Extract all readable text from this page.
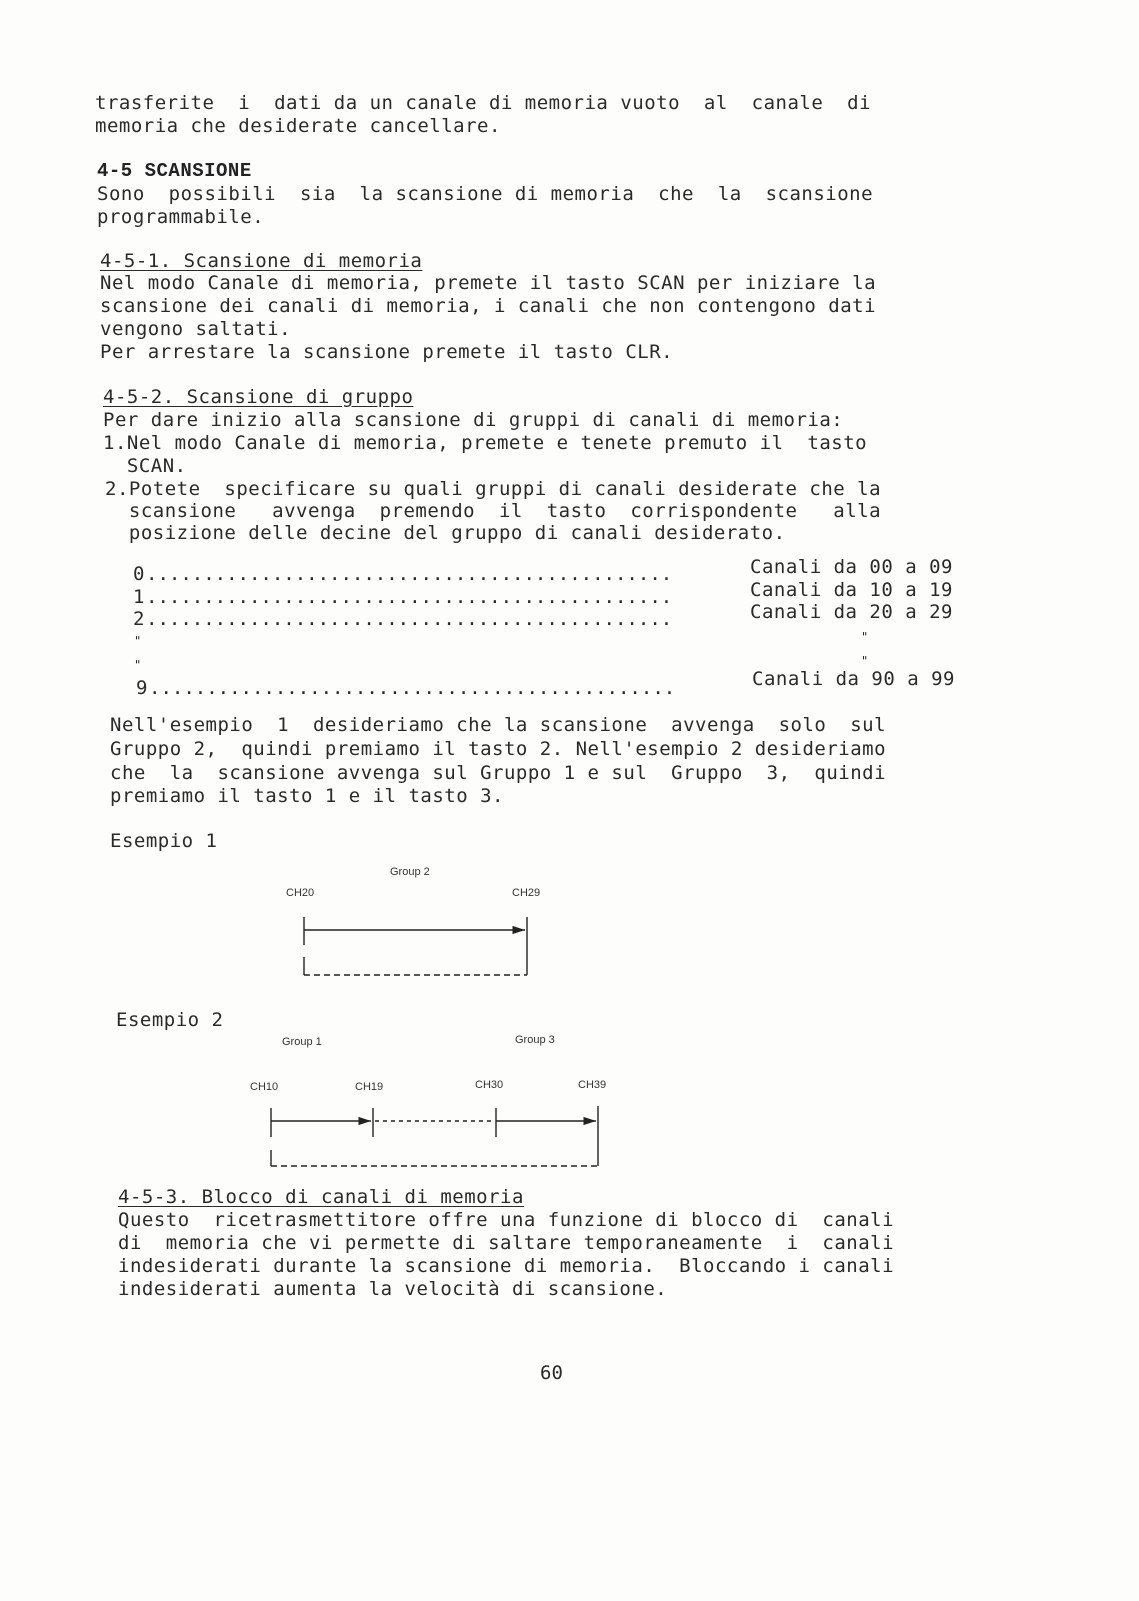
trasferite  i  dati da un canale di memoria vuoto  al  canale  di
memoria che desiderate cancellare.
4-5 SCANSIONE
Sono  possibili  sia  la scansione di memoria  che  la  scansione
programmabile.
4-5-1. Scansione di memoria
Nel modo Canale di memoria, premete il tasto SCAN per iniziare la
scansione dei canali di memoria, i canali che non contengono dati
vengono saltati.
Per arrestare la scansione premete il tasto CLR.
4-5-2. Scansione di gruppo
Per dare inizio alla scansione di gruppi di canali di memoria:
1.Nel modo Canale di memoria, premete e tenete premuto il  tasto
SCAN.
2.Potete  specificare su quali gruppi di canali desiderate che la
scansione   avvenga  premendo  il  tasto  corrispondente   alla
posizione delle decine del gruppo di canali desiderato.
0 ..............................................	Canali da 00 a 09
1 ..............................................	Canali da 10 a 19
2 ..............................................	Canali da 20 a 29
"	"
"	"
9 ..............................................	Canali da 90 a 99
Nell'esempio  1  desideriamo che la scansione  avvenga  solo  sul
Gruppo 2,  quindi premiamo il tasto 2. Nell'esempio 2 desideriamo
che  la  scansione avvenga sul Gruppo 1 e sul  Gruppo  3,  quindi
premiamo il tasto 1 e il tasto 3.
Esempio 1
Group 2
CH20	CH29
Esempio 2
Group 1	Group 3
CH10	CH19	CH30	CH39
4-5-3. Blocco di canali di memoria
Questo  ricetrasmettitore offre una funzione di blocco di  canali
di  memoria che vi permette di saltare temporaneamente  i  canali
indesiderati durante la scansione di memoria.  Bloccando i canali
indesiderati aumenta la velocità di scansione.
60
